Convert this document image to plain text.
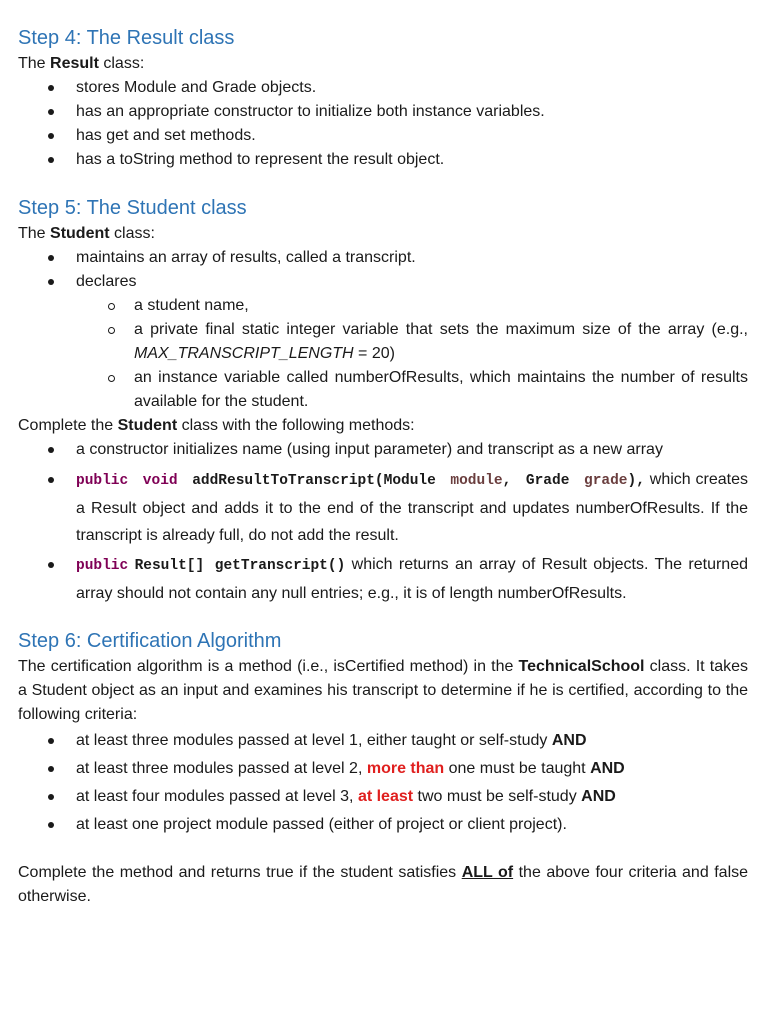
Step 4: The Result class

The Result class:

stores Module and Grade objects.
has an appropriate constructor to initialize both instance variables.
has get and set methods.
has a toString method to represent the result object.
Step 5: The Student class

The Student class:

maintains an array of results, called a transcript.
declares
a student name,
a private final static integer variable that sets the maximum size of the array (e.g., MAX_TRANSCRIPT_LENGTH = 20)
an instance variable called numberOfResults, which maintains the number of results available for the student.

Complete the Student class with the following methods:

a constructor initializes name (using input parameter) and transcript as a new array
public void addResultToTranscript(Module module, Grade grade), which creates a Result object and adds it to the end of the transcript and updates numberOfResults. If the transcript is already full, do not add the result.
public Result[] getTranscript() which returns an array of Result objects. The returned array should not contain any null entries; e.g., it is of length numberOfResults.
Step 6: Certification Algorithm

The certification algorithm is a method (i.e., isCertified method) in the TechnicalSchool class. It takes a Student object as an input and examines his transcript to determine if he is certified, according to the following criteria:

at least three modules passed at level 1, either taught or self-study AND
at least three modules passed at level 2, more than one must be taught AND
at least four modules passed at level 3, at least two must be self-study AND
at least one project module passed (either of project or client project).

Complete the method and returns true if the student satisfies ALL of the above four criteria and false otherwise.
